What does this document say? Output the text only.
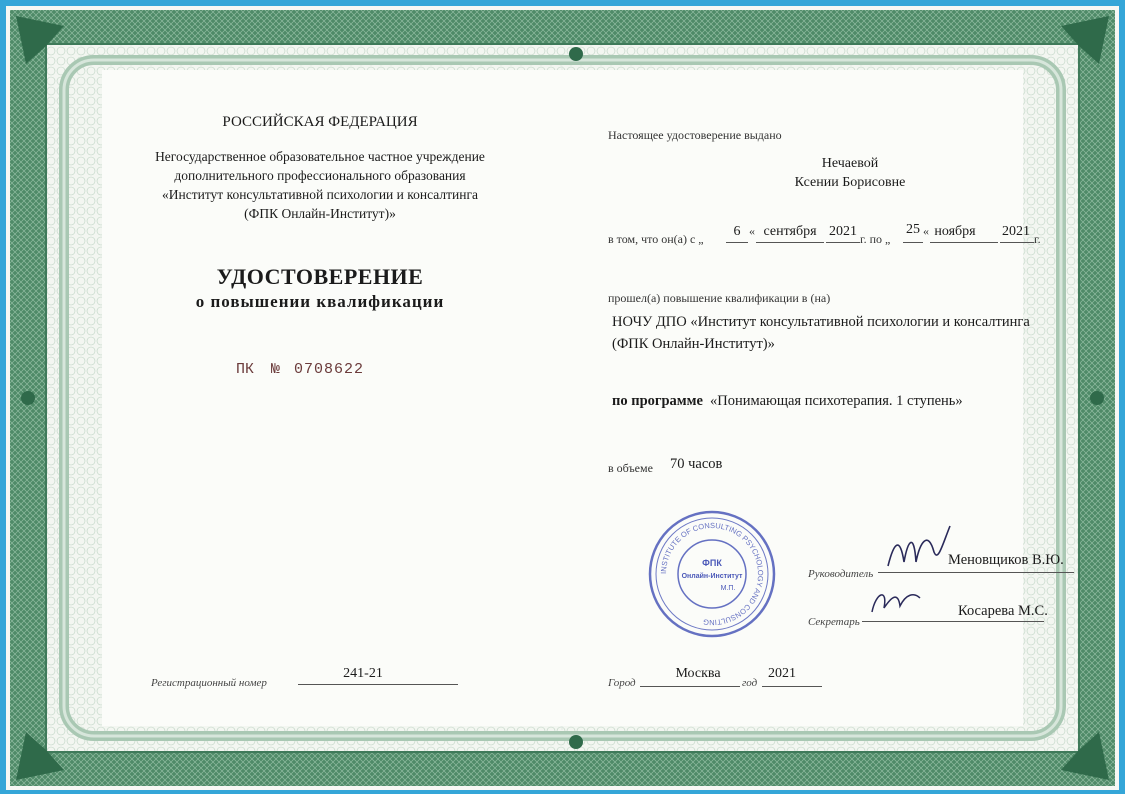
РОССИЙСКАЯ ФЕДЕРАЦИЯ
Негосударственное образовательное частное учреждение
дополнительного профессионального образования
«Институт консультативной психологии и консалтинга
(ФПК Онлайн-Институт)»
УДОСТОВЕРЕНИЕ
о повышении квалификации
ПК № 0708622
Регистрационный номер
241-21
Настоящее удостоверение выдано
Нечаевой
Ксении Борисовне
в том, что он(а) с „	6 « сентября 2021 г. по „
25 « ноября	2021 г.
прошел(а) повышение квалификации в (на)
НОЧУ ДПО «Институт консультативной психологии и консалтинга
(ФПК Онлайн-Институт)»
по программе «Понимающая психотерапия. 1 ступень»
в объеме 70 часов
INSTITUTE OF CONSULTING PSYCHOLOGY AND CONSULTING
ФПК
Онлайн-Институт
М.П.
Руководитель
Меновщиков В.Ю.
Секретарь
Косарева М.С.
Город
Москва
год
2021
